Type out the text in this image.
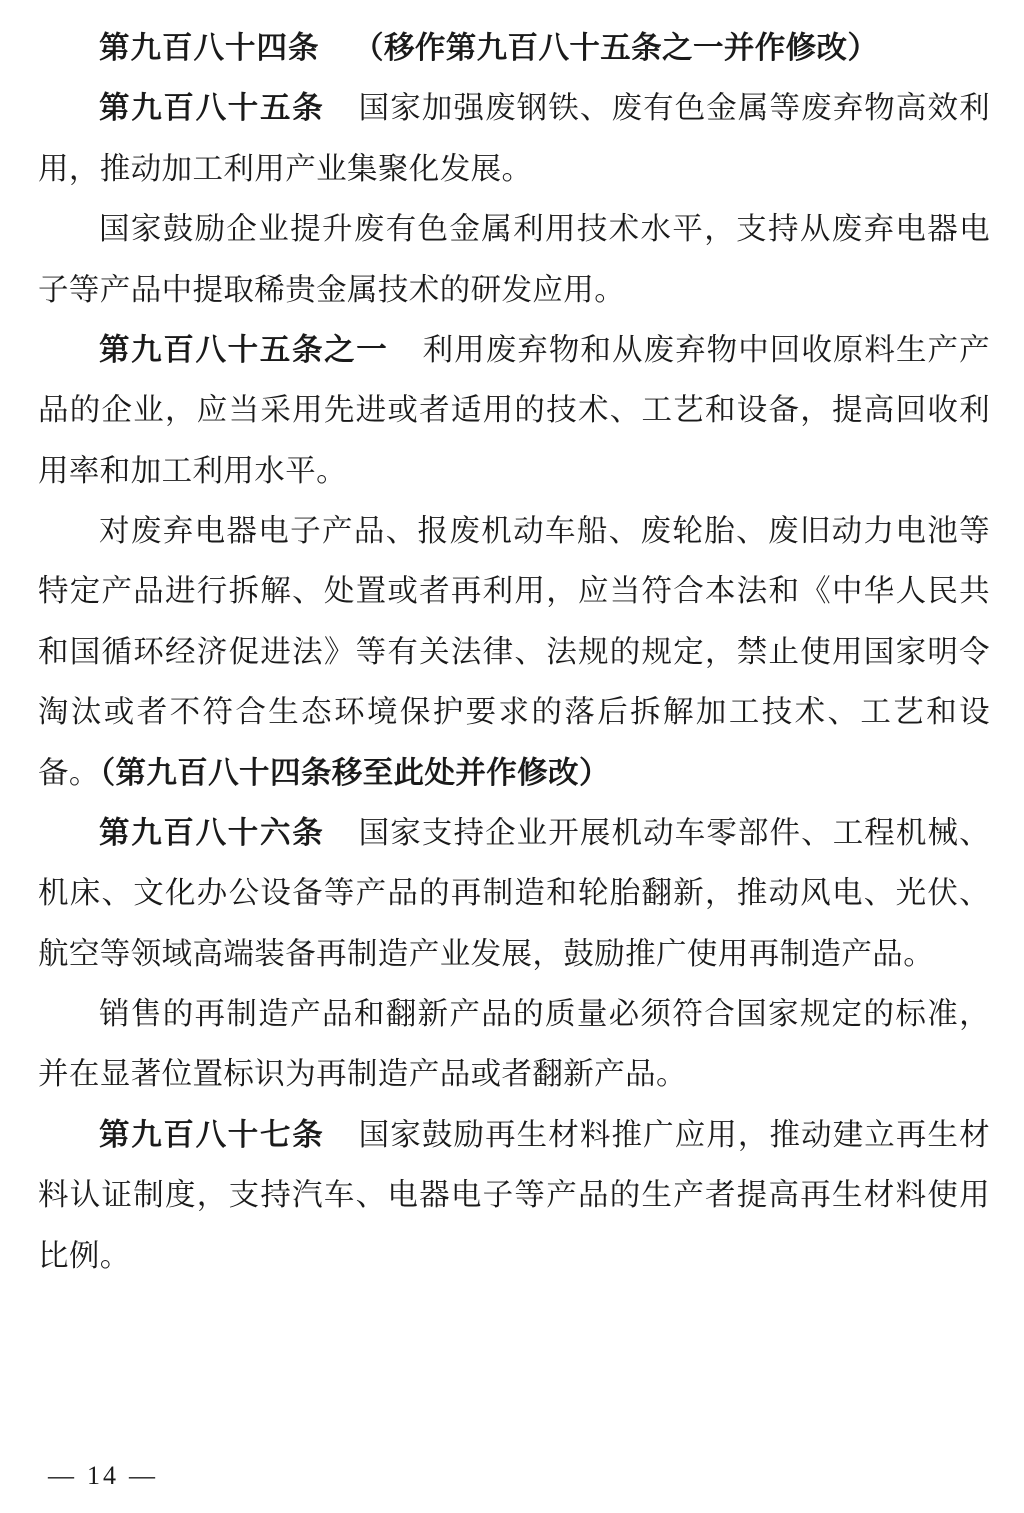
第九百八十四条 （移作第九百八十五条之一并作修改）

第九百八十五条 国家加强废钢铁、废有色金属等废弃物高效利用，推动加工利用产业集聚化发展。

国家鼓励企业提升废有色金属利用技术水平，支持从废弃电器电子等产品中提取稀贵金属技术的研发应用。

第九百八十五条之一 利用废弃物和从废弃物中回收原料生产产品的企业，应当采用先进或者适用的技术、工艺和设备，提高回收利用率和加工利用水平。

对废弃电器电子产品、报废机动车船、废轮胎、废旧动力电池等特定产品进行拆解、处置或者再利用，应当符合本法和《中华人民共和国循环经济促进法》等有关法律、法规的规定，禁止使用国家明令淘汰或者不符合生态环境保护要求的落后拆解加工技术、工艺和设备。（第九百八十四条移至此处并作修改）

第九百八十六条 国家支持企业开展机动车零部件、工程机械、机床、文化办公设备等产品的再制造和轮胎翻新，推动风电、光伏、航空等领域高端装备再制造产业发展，鼓励推广使用再制造产品。

销售的再制造产品和翻新产品的质量必须符合国家规定的标准，并在显著位置标识为再制造产品或者翻新产品。

第九百八十七条 国家鼓励再生材料推广应用，推动建立再生材料认证制度，支持汽车、电器电子等产品的生产者提高再生材料使用比例。

— 14 —
